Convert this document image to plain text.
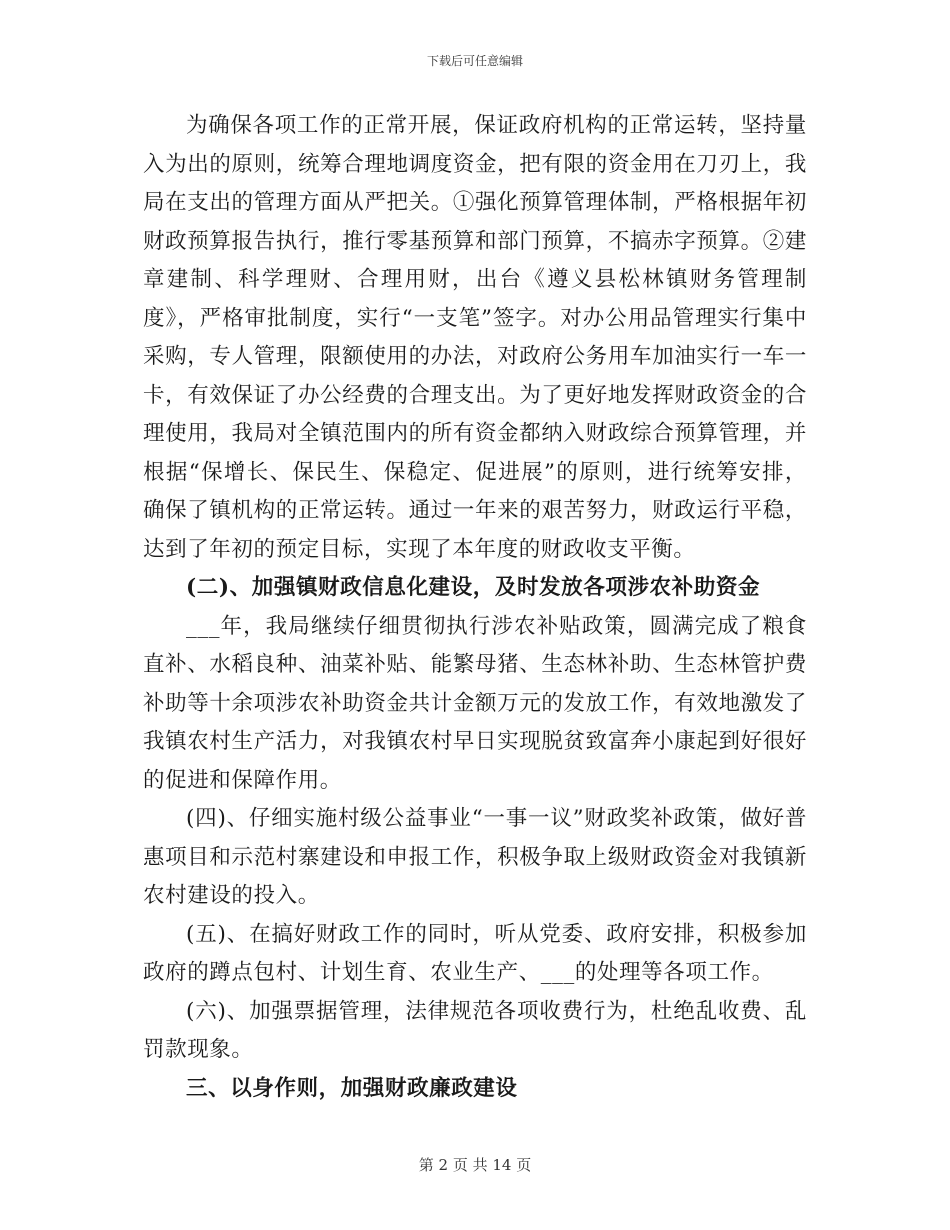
下载后可任意编辑

为确保各项工作的正常开展，保证政府机构的正常运转，坚持量入为出的原则，统筹合理地调度资金，把有限的资金用在刀刃上，我局在支出的管理方面从严把关。①强化预算管理体制，严格根据年初财政预算报告执行，推行零基预算和部门预算，不搞赤字预算。②建章建制、科学理财、合理用财，出台《遵义县松林镇财务管理制度》，严格审批制度，实行“一支笔”签字。对办公用品管理实行集中采购，专人管理，限额使用的办法，对政府公务用车加油实行一车一卡，有效保证了办公经费的合理支出。为了更好地发挥财政资金的合理使用，我局对全镇范围内的所有资金都纳入财政综合预算管理，并根据“保增长、保民生、保稳定、促进展”的原则，进行统筹安排，确保了镇机构的正常运转。通过一年来的艰苦努力，财政运行平稳，达到了年初的预定目标，实现了本年度的财政收支平衡。

(二)、加强镇财政信息化建设，及时发放各项涉农补助资金

___年，我局继续仔细贯彻执行涉农补贴政策，圆满完成了粮食直补、水稻良种、油菜补贴、能繁母猪、生态林补助、生态林管护费补助等十余项涉农补助资金共计金额万元的发放工作，有效地激发了我镇农村生产活力，对我镇农村早日实现脱贫致富奔小康起到好很好的促进和保障作用。

(四)、仔细实施村级公益事业“一事一议”财政奖补政策，做好普惠项目和示范村寨建设和申报工作，积极争取上级财政资金对我镇新农村建设的投入。

(五)、在搞好财政工作的同时，听从党委、政府安排，积极参加政府的蹲点包村、计划生育、农业生产、___的处理等各项工作。

(六)、加强票据管理，法律规范各项收费行为，杜绝乱收费、乱罚款现象。

三、以身作则，加强财政廉政建设

第 2 页 共 14 页
